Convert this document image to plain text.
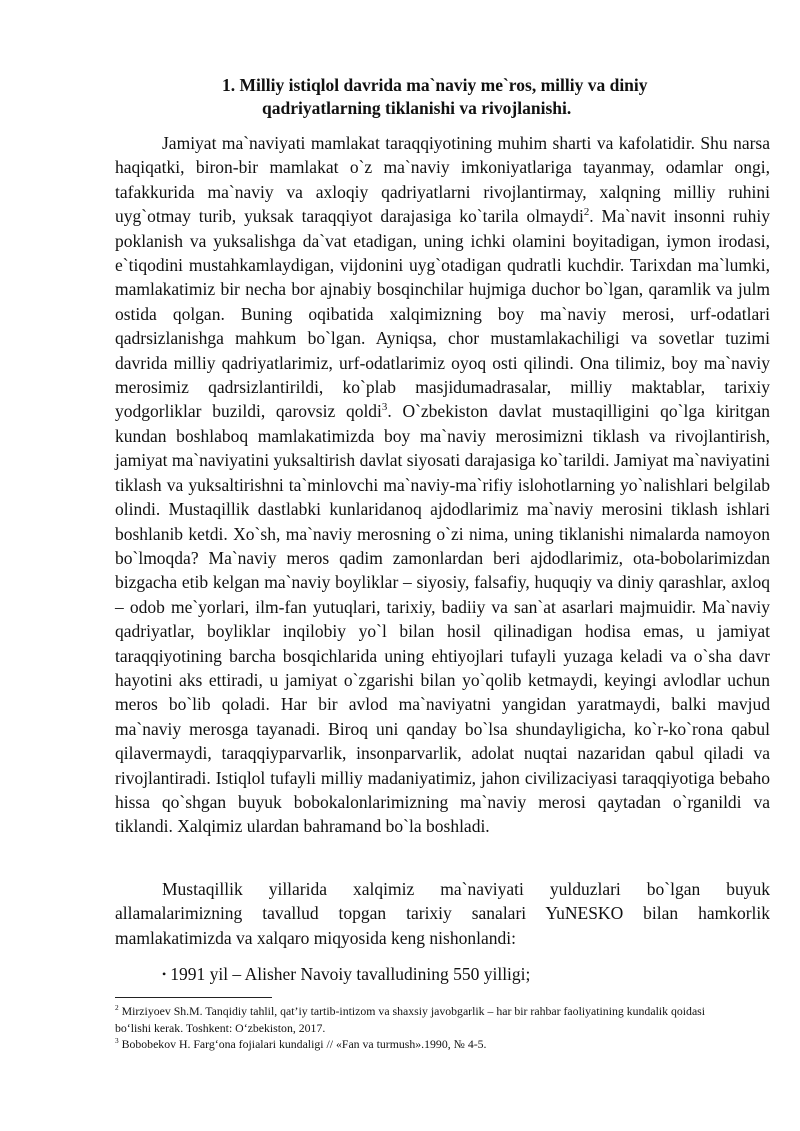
1. Milliy istiqlol davrida ma`naviy me`ros, milliy va diniy
qadriyatlarning tiklanishi va rivojlanishi.

Jamiyat ma`naviyati mamlakat taraqqiyotining muhim sharti va kafolatidir. Shu narsa haqiqatki, biron-bir mamlakat o`z ma`naviy imkoniyatlariga tayanmay, odamlar ongi, tafakkurida ma`naviy va axloqiy qadriyatlarni rivojlantirmay, xalqning milliy ruhini uyg`otmay turib, yuksak taraqqiyot darajasiga ko`tarila olmaydi$^2$. Ma`navit insonni ruhiy poklanish va yuksalishga da`vat etadigan, uning ichki olamini boyitadigan, iymon irodasi, e`tiqodini mustahkamlaydigan, vijdonini uyg`otadigan qudratli kuchdir. Tarixdan ma`lumki, mamlakatimiz bir necha bor ajnabiy bosqinchilar hujmiga duchor bo`lgan, qaramlik va julm ostida qolgan. Buning oqibatida xalqimizning boy ma`naviy merosi, urf-odatlari qadrsizlanishga mahkum bo`lgan. Ayniqsa, chor mustamlakachiligi va sovetlar tuzimi davrida milliy qadriyatlarimiz, urf-odatlarimiz oyoq osti qilindi. Ona tilimiz, boy ma`naviy merosimiz qadrsizlantirildi, ko`plab masjidumadrasalar, milliy maktablar, tarixiy yodgorliklar buzildi, qarovsiz qoldi$^3$. O`zbekiston davlat mustaqilligini qo`lga kiritgan kundan boshlaboq mamlakatimizda boy ma`naviy merosimizni tiklash va rivojlantirish, jamiyat ma`naviyatini yuksaltirish davlat siyosati darajasiga ko`tarildi. Jamiyat ma`naviyatini tiklash va yuksaltirishni ta`minlovchi ma`naviy-ma`rifiy islohotlarning yo`nalishlari belgilab olindi. Mustaqillik dastlabki kunlaridanoq ajdodlarimiz ma`naviy merosini tiklash ishlari boshlanib ketdi. Xo`sh, ma`naviy merosning o`zi nima, uning tiklanishi nimalarda namoyon bo`lmoqda? Ma`naviy meros qadim zamonlardan beri ajdodlarimiz, ota-bobolarimizdan bizgacha etib kelgan ma`naviy boyliklar – siyosiy, falsafiy, huquqiy va diniy qarashlar, axloq – odob me`yorlari, ilm-fan yutuqlari, tarixiy, badiiy va san`at asarlari majmuidir. Ma`naviy qadriyatlar, boyliklar inqilobiy yo`l bilan hosil qilinadigan hodisa emas, u jamiyat taraqqiyotining barcha bosqichlarida uning ehtiyojlari tufayli yuzaga keladi va o`sha davr hayotini aks ettiradi, u jamiyat o`zgarishi bilan yo`qolib ketmaydi, keyingi avlodlar uchun meros bo`lib qoladi. Har bir avlod ma`naviyatni yangidan yaratmaydi, balki mavjud ma`naviy merosga tayanadi. Biroq uni qanday bo`lsa shundayligicha, ko`r-ko`rona qabul qilavermaydi, taraqqiyparvarlik, insonparvarlik, adolat nuqtai nazaridan qabul qiladi va rivojlantiradi. Istiqlol tufayli milliy madaniyatimiz, jahon civilizaciyasi taraqqiyotiga bebaho hissa qo`shgan buyuk bobokalonlarimizning ma`naviy merosi qaytadan o`rganildi va tiklandi. Xalqimiz ulardan bahramand bo`la boshladi.

Mustaqillik yillarida xalqimiz ma`naviyati yulduzlari bo`lgan buyuk allamalarimizning tavallud topgan tarixiy sanalari YuNESKO bilan hamkorlik mamlakatimizda va xalqaro miqyosida keng nishonlandi:

• 1991 yil – Alisher Navoiy tavalludining 550 yilligi;

$^2$ Mirziyoev Sh.M. Tanqidiy tahlil, qat’iy tartib-intizom va shaxsiy javobgarlik – har bir rahbar faoliyatining kundalik qoidasi bo‘lishi kerak. Toshkent: O‘zbekiston, 2017.

$^3$ Bobobekov H. Farg‘ona fojialari kundaligi // «Fan va turmush».1990, № 4-5.
